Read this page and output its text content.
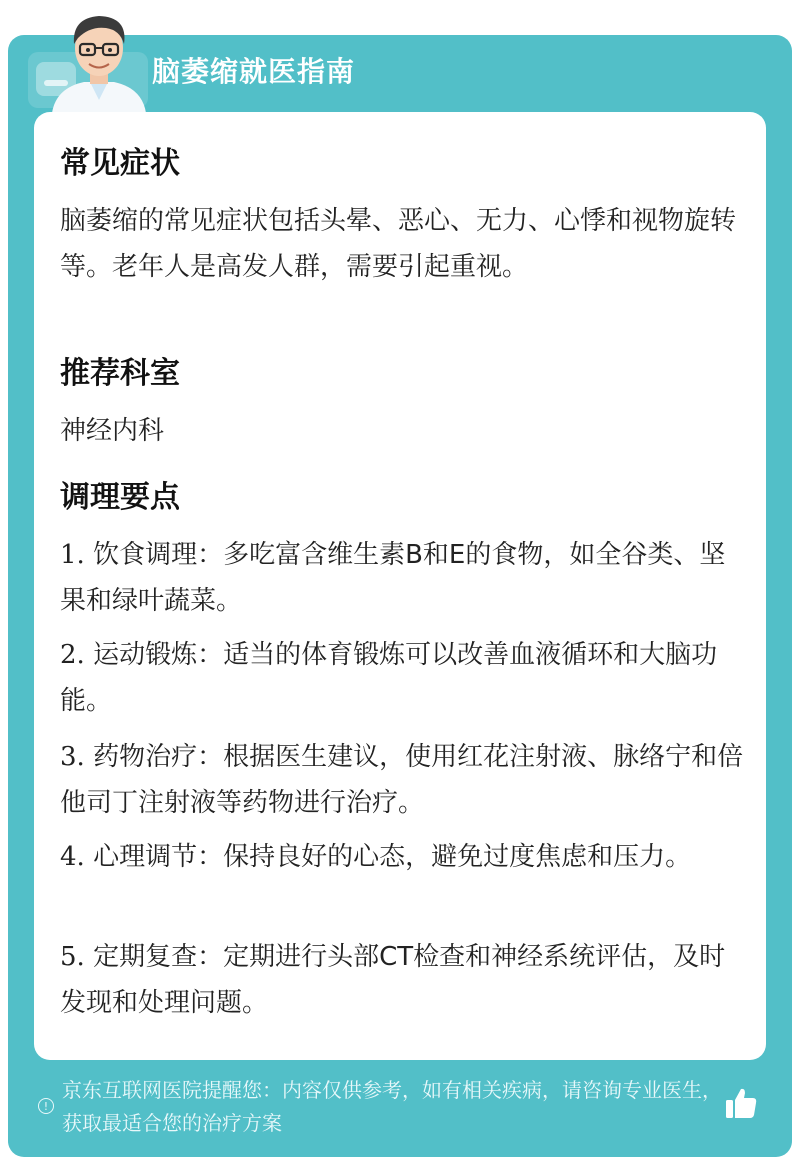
脑萎缩就医指南
常见症状
脑萎缩的常见症状包括头晕、恶心、无力、心悸和视物旋转等。老年人是高发人群，需要引起重视。
推荐科室
神经内科
调理要点
1. 饮食调理：多吃富含维生素B和E的食物，如全谷类、坚果和绿叶蔬菜。
2. 运动锻炼：适当的体育锻炼可以改善血液循环和大脑功能。
3. 药物治疗：根据医生建议，使用红花注射液、脉络宁和倍他司丁注射液等药物进行治疗。
4. 心理调节：保持良好的心态，避免过度焦虑和压力。
5. 定期复查：定期进行头部CT检查和神经系统评估，及时发现和处理问题。
!
京东互联网医院提醒您：内容仅供参考，如有相关疾病，请咨询专业医生，获取最适合您的治疗方案
